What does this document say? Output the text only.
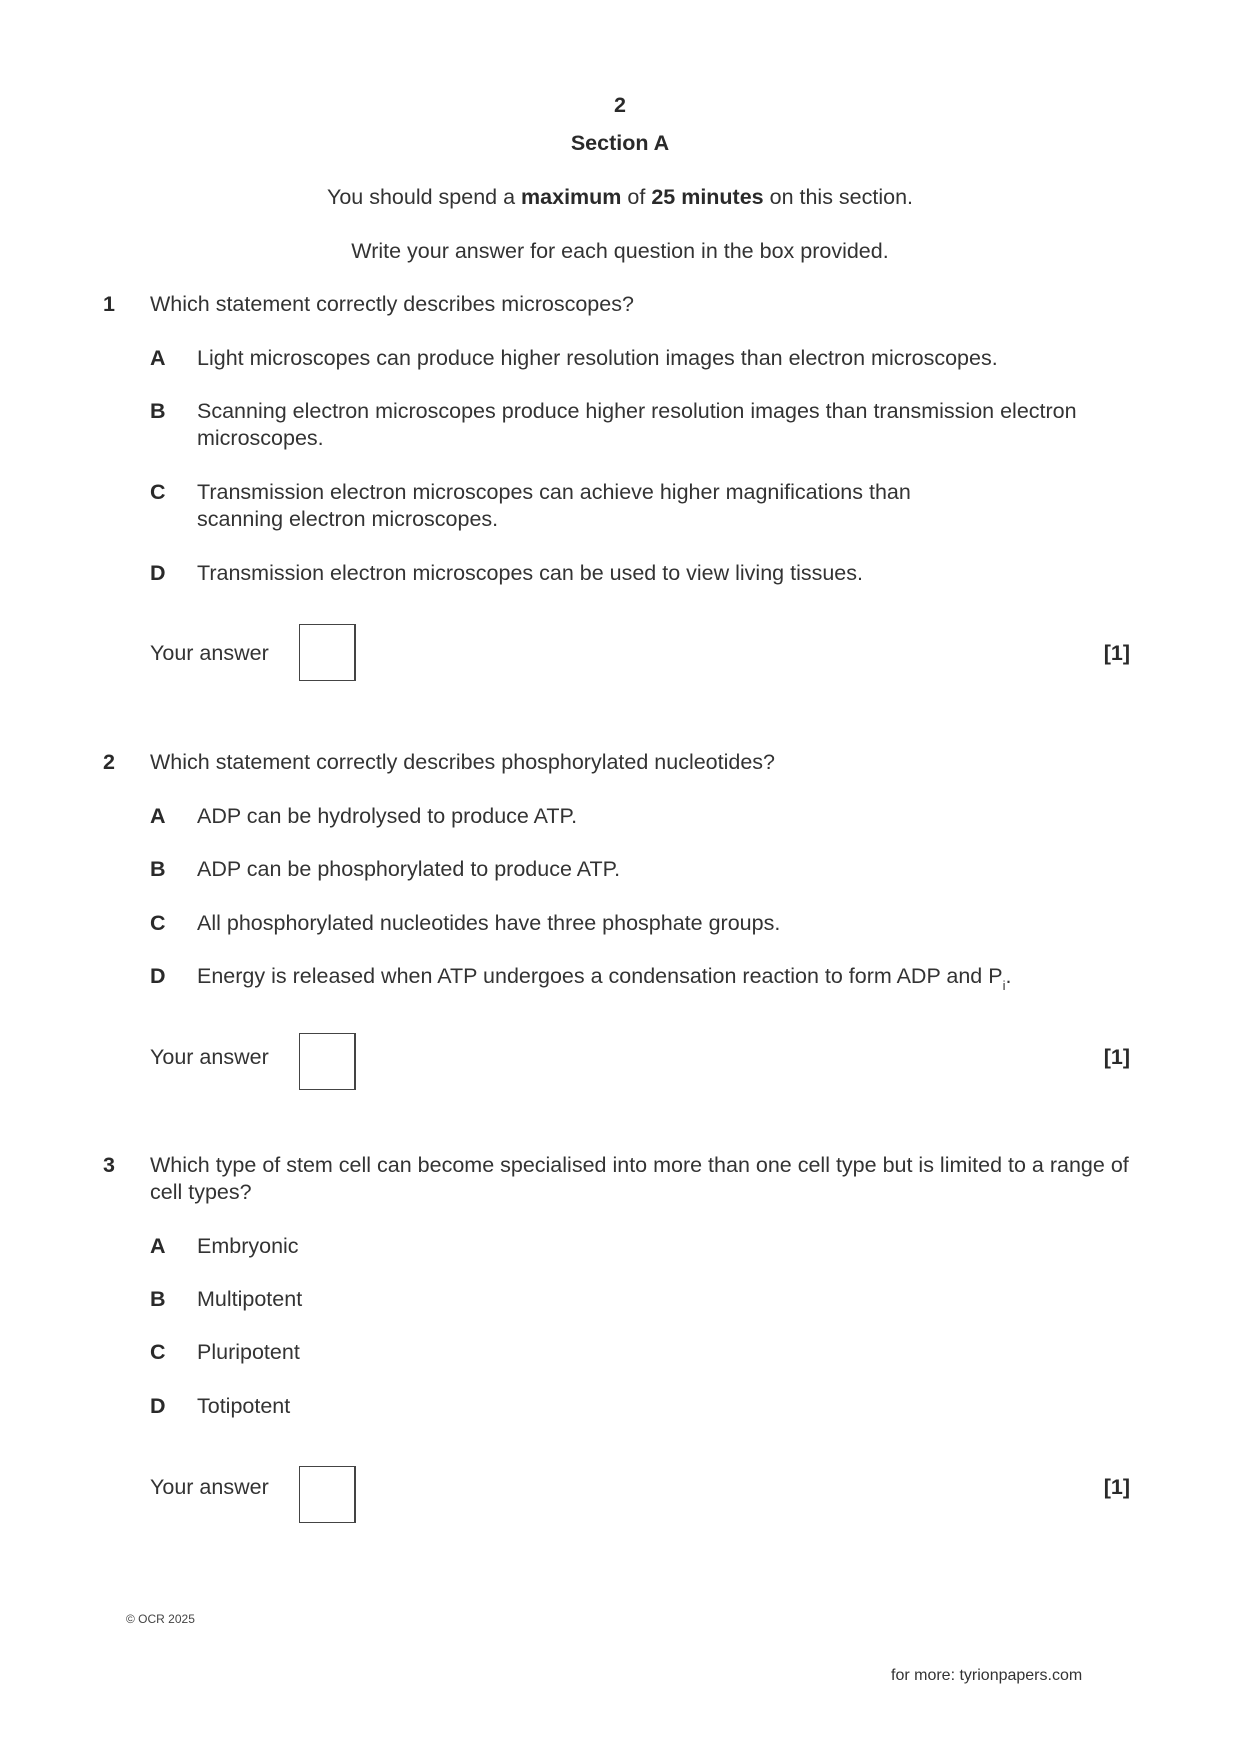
2
Section A
You should spend a maximum of 25 minutes on this section.
Write your answer for each question in the box provided.
1 Which statement correctly describes microscopes?
A Light microscopes can produce higher resolution images than electron microscopes.
B Scanning electron microscopes produce higher resolution images than transmission electron microscopes.
C Transmission electron microscopes can achieve higher magnifications than scanning electron microscopes.
D Transmission electron microscopes can be used to view living tissues.
Your answer	[1]
2 Which statement correctly describes phosphorylated nucleotides?
A ADP can be hydrolysed to produce ATP.
B ADP can be phosphorylated to produce ATP.
C All phosphorylated nucleotides have three phosphate groups.
D Energy is released when ATP undergoes a condensation reaction to form ADP and $P_i$.
Your answer	[1]
3 Which type of stem cell can become specialised into more than one cell type but is limited to a range of cell types?
A Embryonic
B Multipotent
C Pluripotent
D Totipotent
Your answer	[1]
© OCR 2025
for more: tyrionpapers.com
